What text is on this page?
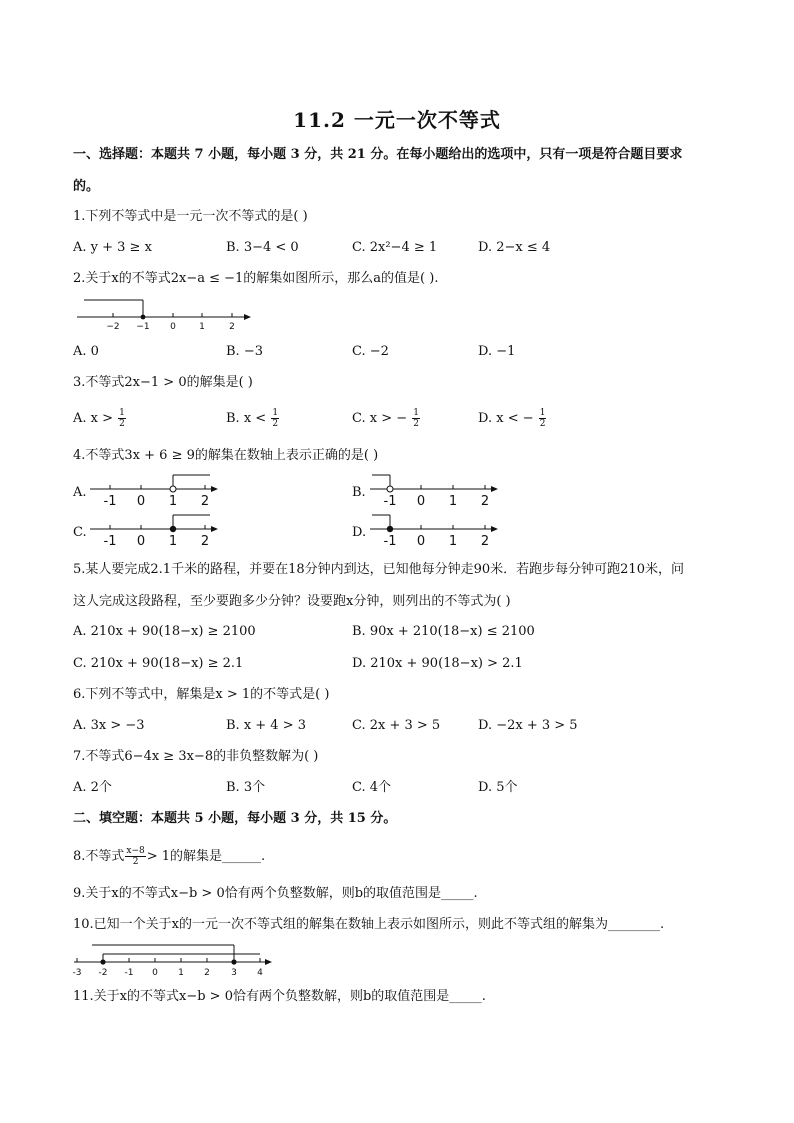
11.2 一元一次不等式
一、选择题：本题共 7 小题，每小题 3 分，共 21 分。在每小题给出的选项中，只有一项是符合题目要求
的。
1.下列不等式中是一元一次不等式的是( )
A. y + 3 ≥ x	B. 3−4 < 0	C. 2x²−4 ≥ 1	D. 2−x ≤ 4
2.关于x的不等式2x−a ≤ −1的解集如图所示，那么a的值是( ).
−2 −1 0	1	2
A. 0	B. −3	C. −2	D. −1
3.不等式2x−1 > 0的解集是( )
A. $x > \frac{1}{2}$	B. $x < \frac{1}{2}$	C. x > − $\frac{1}{2}$	D. x < − $\frac{1}{2}$
4.不等式3x + 6 ≥ 9的解集在数轴上表示正确的是( )
A.
-1 0 1 2
B.
-1 0 1 2
C.
-1 0 1 2
D.
-1 0 1 2
5.某人要完成2.1千米的路程，并要在18分钟内到达，已知他每分钟走90米．若跑步每分钟可跑210米，问
这人完成这段路程，至少要跑多少分钟？设要跑x分钟，则列出的不等式为( )
A. 210x + 90(18−x) ≥ 2100	B. 90x + 210(18−x) ≤ 2100
C. 210x + 90(18−x) ≥ 2.1	D. 210x + 90(18−x) > 2.1
6.下列不等式中，解集是x > 1的不等式是( )
A. 3x > −3	B. x + 4 > 3	C. 2x + 3 > 5	D. −2x + 3 > 5
7.不等式6−4x ≥ 3x−8的非负整数解为( )
A. 2个	B. 3个	C. 4个	D. 5个
二、填空题：本题共 5 小题，每小题 3 分，共 15 分。
8.不等式 $\frac{x-8}{2} > 1$的解集是______.
9.关于x的不等式x−b > 0恰有两个负整数解，则b的取值范围是_____.
10.已知一个关于x的一元一次不等式组的解集在数轴上表示如图所示，则此不等式组的解集为________.
-3 -2 -1 0 1 2 3 4
11.关于x的不等式x−b > 0恰有两个负整数解，则b的取值范围是_____.
